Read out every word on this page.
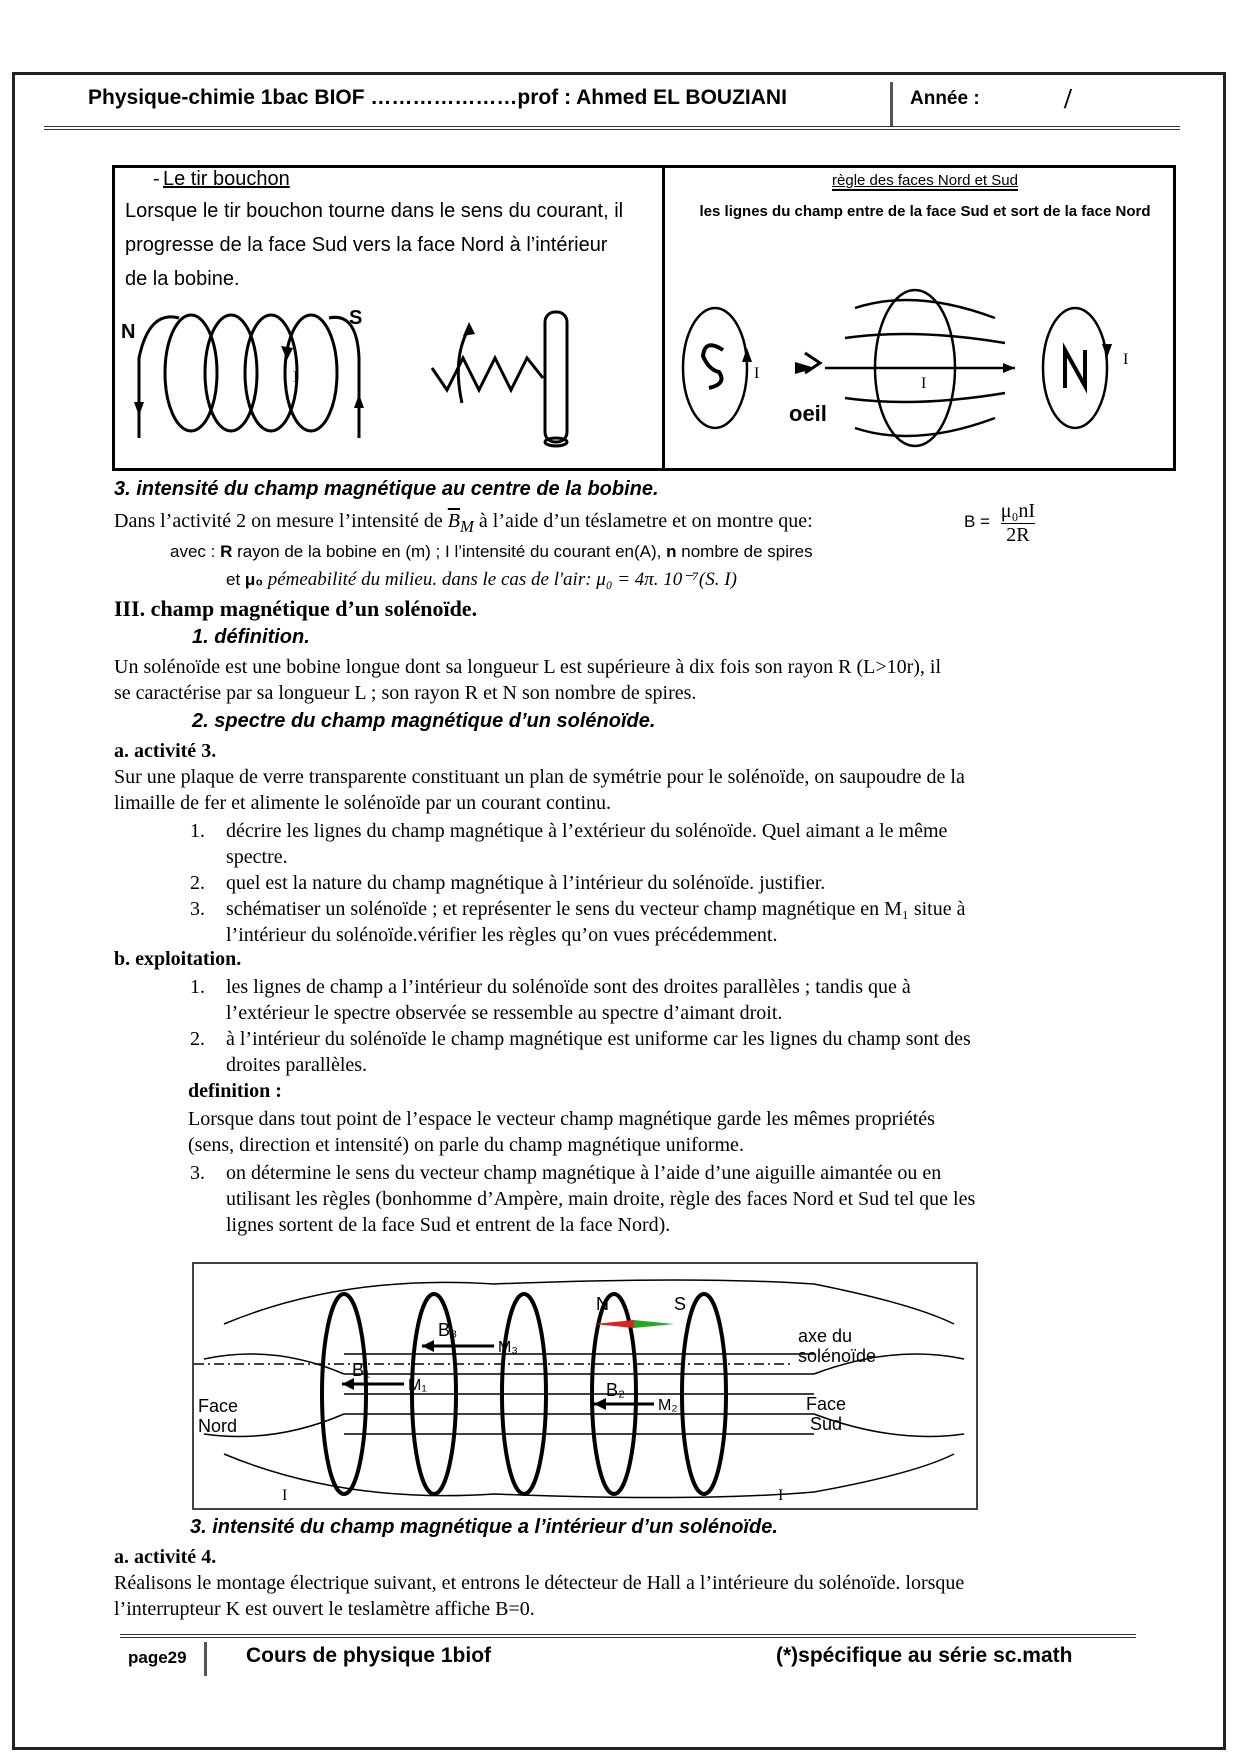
Physique-chimie 1bac BIOF …………………prof : Ahmed EL BOUZIANI	Année :	/
- Le tir bouchon
Lorsque le tir bouchon tourne dans le sens du courant, il progresse de la face Sud vers la face Nord à l’intérieur de la bobine.
N
S
I
règle des faces Nord et Sud
les lignes du champ entre de la face Sud et sort de la face Nord
I
I
I
oeil
3. intensité du champ magnétique au centre de la bobine.
Dans l’activité 2 on mesure l’intensité de $\overline{B}_M$ à l’aide d’un téslametre et on montre que:	$B = \frac{\text{μ₀nI}}{2R}$
avec : R rayon de la bobine en (m) ; I l’intensité du courant en(A), n nombre de spires
et μ₀ pémeabilité du milieu. dans le cas de l'air: μ₀ = 4π. 10⁻⁷(S. I)
III. champ magnétique d’un solénoïde.
1. définition.
Un solénoïde est une bobine longue dont sa longueur L est supérieure à dix fois son rayon R (L>10r), il
se caractérise par sa longueur L ; son rayon R et N son nombre de spires.
2. spectre du champ magnétique d’un solénoïde.
a. activité 3.
Sur une plaque de verre transparente constituant un plan de symétrie pour le solénoïde, on saupoudre de la
limaille de fer et alimente le solénoïde par un courant continu.
1. décrire les lignes du champ magnétique à l’extérieur du solénoïde. Quel aimant a le même
spectre.
2. quel est la nature du champ magnétique à l’intérieur du solénoïde. justifier.
3. schématiser un solénoïde ; et représenter le sens du vecteur champ magnétique en M₁ situe à
l’intérieur du solénoïde.vérifier les règles qu’on vues précédemment.
b. exploitation.
1. les lignes de champ a l’intérieur du solénoïde sont des droites parallèles ; tandis que à
l’extérieur le spectre observée se ressemble au spectre d’aimant droit.
2. à l’intérieur du solénoïde le champ magnétique est uniforme car les lignes du champ sont des
droites parallèles.
definition :
Lorsque dans tout point de l’espace le vecteur champ magnétique garde les mêmes propriétés
(sens, direction et intensité) on parle du champ magnétique uniforme.
3. on détermine le sens du vecteur champ magnétique à l’aide d’une aiguille aimantée ou en
utilisant les règles (bonhomme d’Ampère, main droite, règle des faces Nord et Sud tel que les
lignes sortent de la face Sud et entrent de la face Nord).
Face
Nord
Face
Sud
axe du
solénoïde
B₁
B₂
B₃
M₁
M₂
M₃
N	S
I	I
3. intensité du champ magnétique a l’intérieur d’un solénoïde.
a. activité 4.
Réalisons le montage électrique suivant, et entrons le détecteur de Hall a l’intérieure du solénoïde. lorsque
l’interrupteur K est ouvert le teslamètre affiche B=0.
page29	Cours de physique 1biof	(*)spécifique au série sc.math
